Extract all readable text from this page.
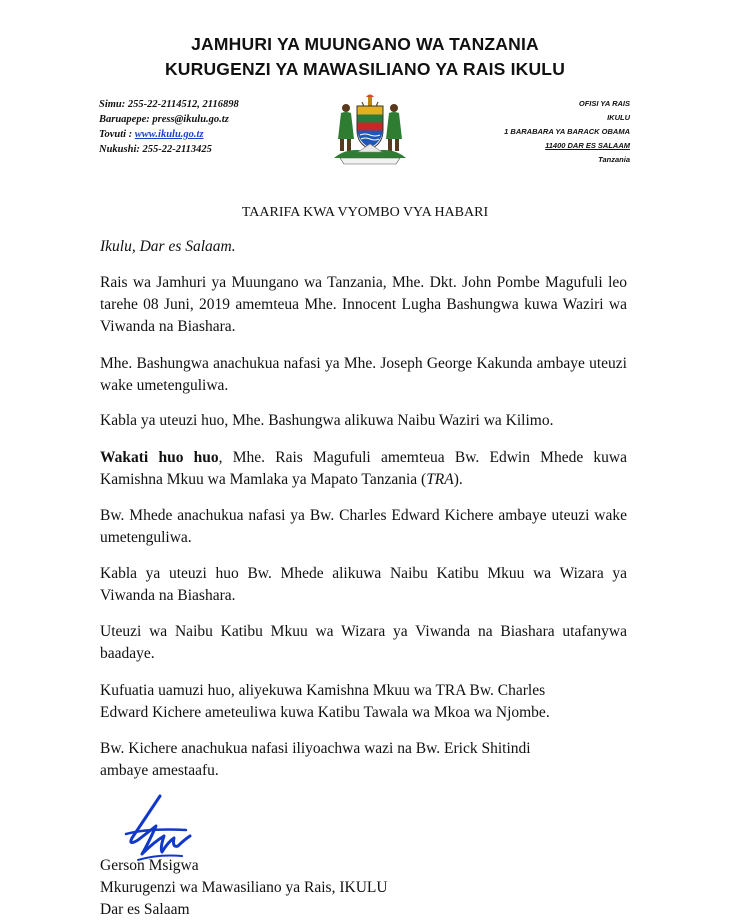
JAMHURI YA MUUNGANO WA TANZANIA
KURUGENZI YA MAWASILIANO YA RAIS IKULU
Simu: 255-22-2114512, 2116898
Baruapepe: press@ikulu.go.tz
Tovuti : www.ikulu.go.tz
Nukushi: 255-22-2113425
OFISI YA RAIS
IKULU
1 BARABARA YA BARACK OBAMA
11400 DAR ES SALAAM
Tanzania
TAARIFA KWA VYOMBO VYA HABARI
Ikulu, Dar es Salaam.
Rais wa Jamhuri ya Muungano wa Tanzania, Mhe. Dkt. John Pombe Magufuli leo tarehe 08 Juni, 2019 amemteua Mhe. Innocent Lugha Bashungwa kuwa Waziri wa Viwanda na Biashara.
Mhe. Bashungwa anachukua nafasi ya Mhe. Joseph George Kakunda ambaye uteuzi wake umetenguliwa.
Kabla ya uteuzi huo, Mhe. Bashungwa alikuwa Naibu Waziri wa Kilimo.
Wakati huo huo, Mhe. Rais Magufuli amemteua Bw. Edwin Mhede kuwa Kamishna Mkuu wa Mamlaka ya Mapato Tanzania (TRA).
Bw. Mhede anachukua nafasi ya Bw. Charles Edward Kichere ambaye uteuzi wake umetenguliwa.
Kabla ya uteuzi huo Bw. Mhede alikuwa Naibu Katibu Mkuu wa Wizara ya Viwanda na Biashara.
Uteuzi wa Naibu Katibu Mkuu wa Wizara ya Viwanda na Biashara utafanywa baadaye.
Kufuatia uamuzi huo, aliyekuwa Kamishna Mkuu wa TRA Bw. Charles
Edward Kichere ameteuliwa kuwa Katibu Tawala wa Mkoa wa Njombe.
Bw. Kichere anachukua nafasi iliyoachwa wazi na Bw. Erick Shitindi
ambaye amestaafu.
Gerson Msigwa
Mkurugenzi wa Mawasiliano ya Rais, IKULU
Dar es Salaam
